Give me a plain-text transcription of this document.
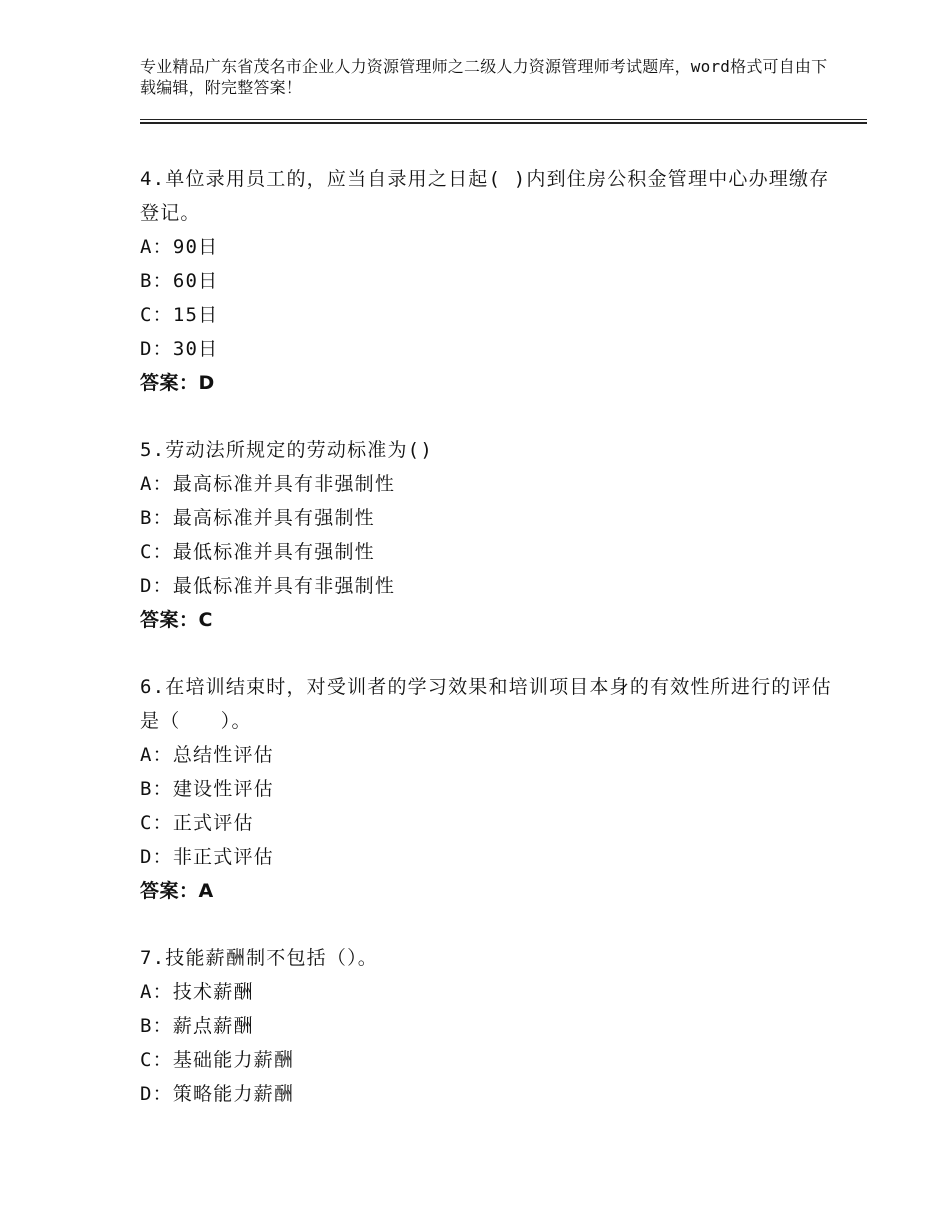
专业精品广东省茂名市企业人力资源管理师之二级人力资源管理师考试题库，word格式可自由下载编辑，附完整答案！

4.单位录用员工的，应当自录用之日起( )内到住房公积金管理中心办理缴存登记。

A：90日

B：60日

C：15日

D：30日

答案：D

5.劳动法所规定的劳动标准为()

A：最高标准并具有非强制性

B：最高标准并具有强制性

C：最低标准并具有强制性

D：最低标准并具有非强制性

答案：C

6.在培训结束时，对受训者的学习效果和培训项目本身的有效性所进行的评估是（　　）。

A：总结性评估

B：建设性评估

C：正式评估

D：非正式评估

答案：A

7.技能薪酬制不包括（）。

A：技术薪酬

B：薪点薪酬

C：基础能力薪酬

D：策略能力薪酬
